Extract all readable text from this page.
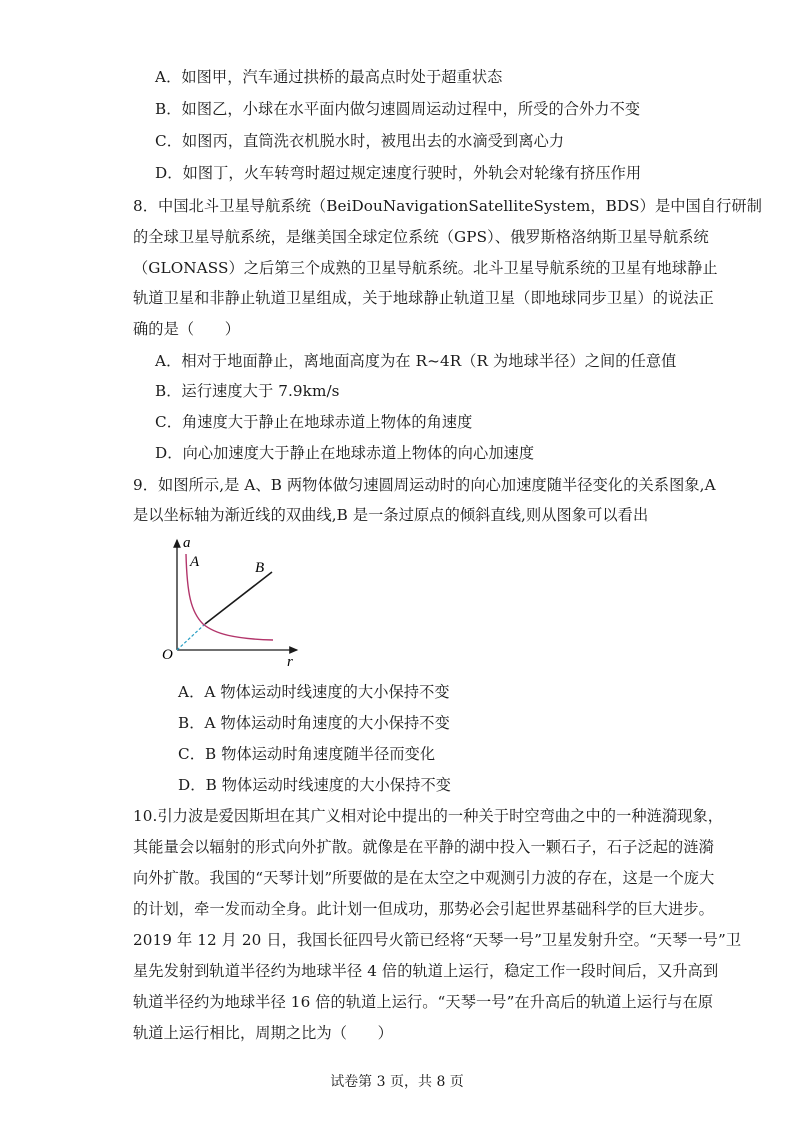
A．如图甲，汽车通过拱桥的最高点时处于超重状态
B．如图乙，小球在水平面内做匀速圆周运动过程中，所受的合外力不变
C．如图丙，直筒洗衣机脱水时，被甩出去的水滴受到离心力
D．如图丁，火车转弯时超过规定速度行驶时，外轨会对轮缘有挤压作用
8．中国北斗卫星导航系统（BeiDouNavigationSatelliteSystem，BDS）是中国自行研制
的全球卫星导航系统，是继美国全球定位系统（GPS）、俄罗斯格洛纳斯卫星导航系统
（GLONASS）之后第三个成熟的卫星导航系统。北斗卫星导航系统的卫星有地球静止
轨道卫星和非静止轨道卫星组成，关于地球静止轨道卫星（即地球同步卫星）的说法正
确的是（　　）
A．相对于地面静止，离地面高度为在 R~4R（R 为地球半径）之间的任意值
B．运行速度大于 7.9km/s
C．角速度大于静止在地球赤道上物体的角速度
D．向心加速度大于静止在地球赤道上物体的向心加速度
9．如图所示,是 A、B 两物体做匀速圆周运动时的向心加速度随半径变化的关系图象,A
是以坐标轴为渐近线的双曲线,B 是一条过原点的倾斜直线,则从图象可以看出
a
A	B
O	r
A．A 物体运动时线速度的大小保持不变
B．A 物体运动时角速度的大小保持不变
C．B 物体运动时角速度随半径而变化
D．B 物体运动时线速度的大小保持不变
10.引力波是爱因斯坦在其广义相对论中提出的一种关于时空弯曲之中的一种涟漪现象，
其能量会以辐射的形式向外扩散。就像是在平静的湖中投入一颗石子，石子泛起的涟漪
向外扩散。我国的“天琴计划”所要做的是在太空之中观测引力波的存在，这是一个庞大
的计划，牵一发而动全身。此计划一但成功，那势必会引起世界基础科学的巨大进步。
2019 年 12 月 20 日，我国长征四号火箭已经将“天琴一号”卫星发射升空。“天琴一号”卫
星先发射到轨道半径约为地球半径 4 倍的轨道上运行，稳定工作一段时间后，又升高到
轨道半径约为地球半径 16 倍的轨道上运行。“天琴一号”在升高后的轨道上运行与在原
轨道上运行相比，周期之比为（　　）
试卷第 3 页，共 8 页
